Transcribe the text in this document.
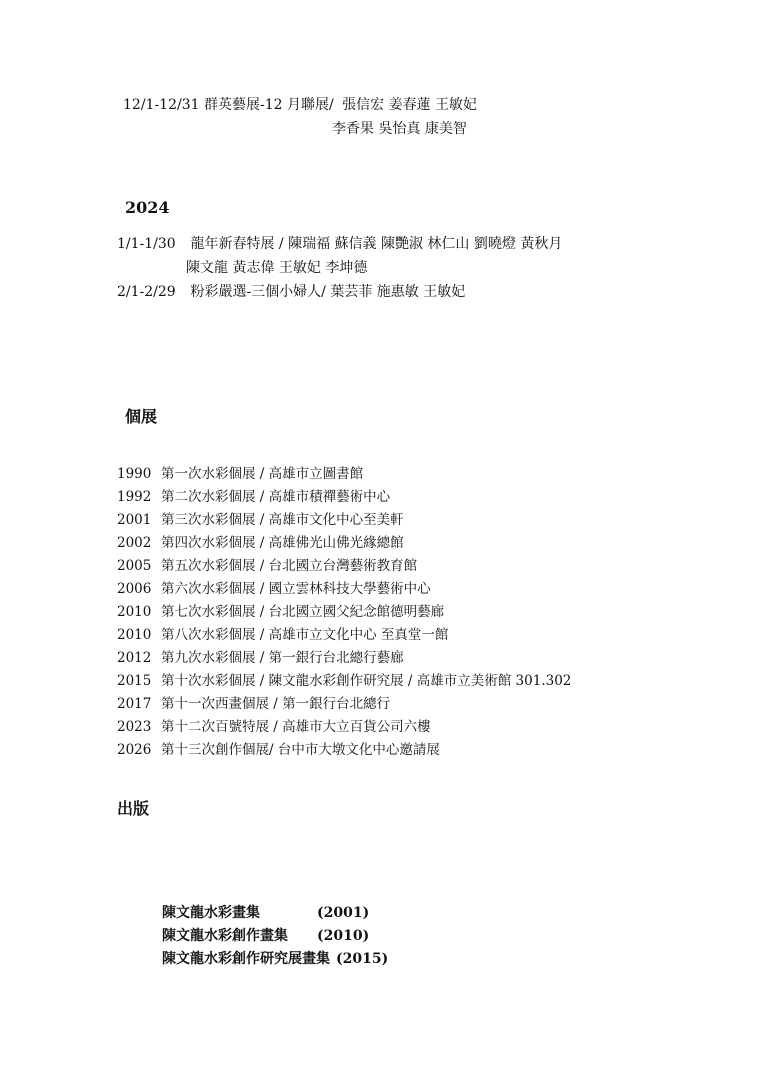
12/1-12/31 群英藝展-12 月聯展/ 張信宏 姜春蓮 王敏妃
李香果 吳怡真 康美智
2024
1/1-1/30 龍年新春特展 / 陳瑞福 蘇信義 陳艷淑 林仁山 劉曉燈 黃秋月
陳文龍 黃志偉 王敏妃 李坤德
2/1-2/29 粉彩嚴選-三個小婦人/ 葉芸菲 施惠敏 王敏妃
個展
1990 第一次水彩個展 / 高雄市立圖書館
1992 第二次水彩個展 / 高雄市積禪藝術中心
2001 第三次水彩個展 / 高雄市文化中心至美軒
2002 第四次水彩個展 / 高雄佛光山佛光緣總館
2005 第五次水彩個展 / 台北國立台灣藝術教育館
2006 第六次水彩個展 / 國立雲林科技大學藝術中心
2010 第七次水彩個展 / 台北國立國父紀念館德明藝廊
2010 第八次水彩個展 / 高雄市立文化中心 至真堂一館
2012 第九次水彩個展 / 第一銀行台北總行藝廊
2015 第十次水彩個展 / 陳文龍水彩創作研究展 / 高雄市立美術館 301.302
2017 第十一次西畫個展 / 第一銀行台北總行
2023 第十二次百號特展 / 高雄市大立百貨公司六樓
2026 第十三次創作個展/ 台中市大墩文化中心邀請展
出版
陳文龍水彩畫集	(2001)
陳文龍水彩創作畫集 (2010)
陳文龍水彩創作研究展畫集 (2015)
